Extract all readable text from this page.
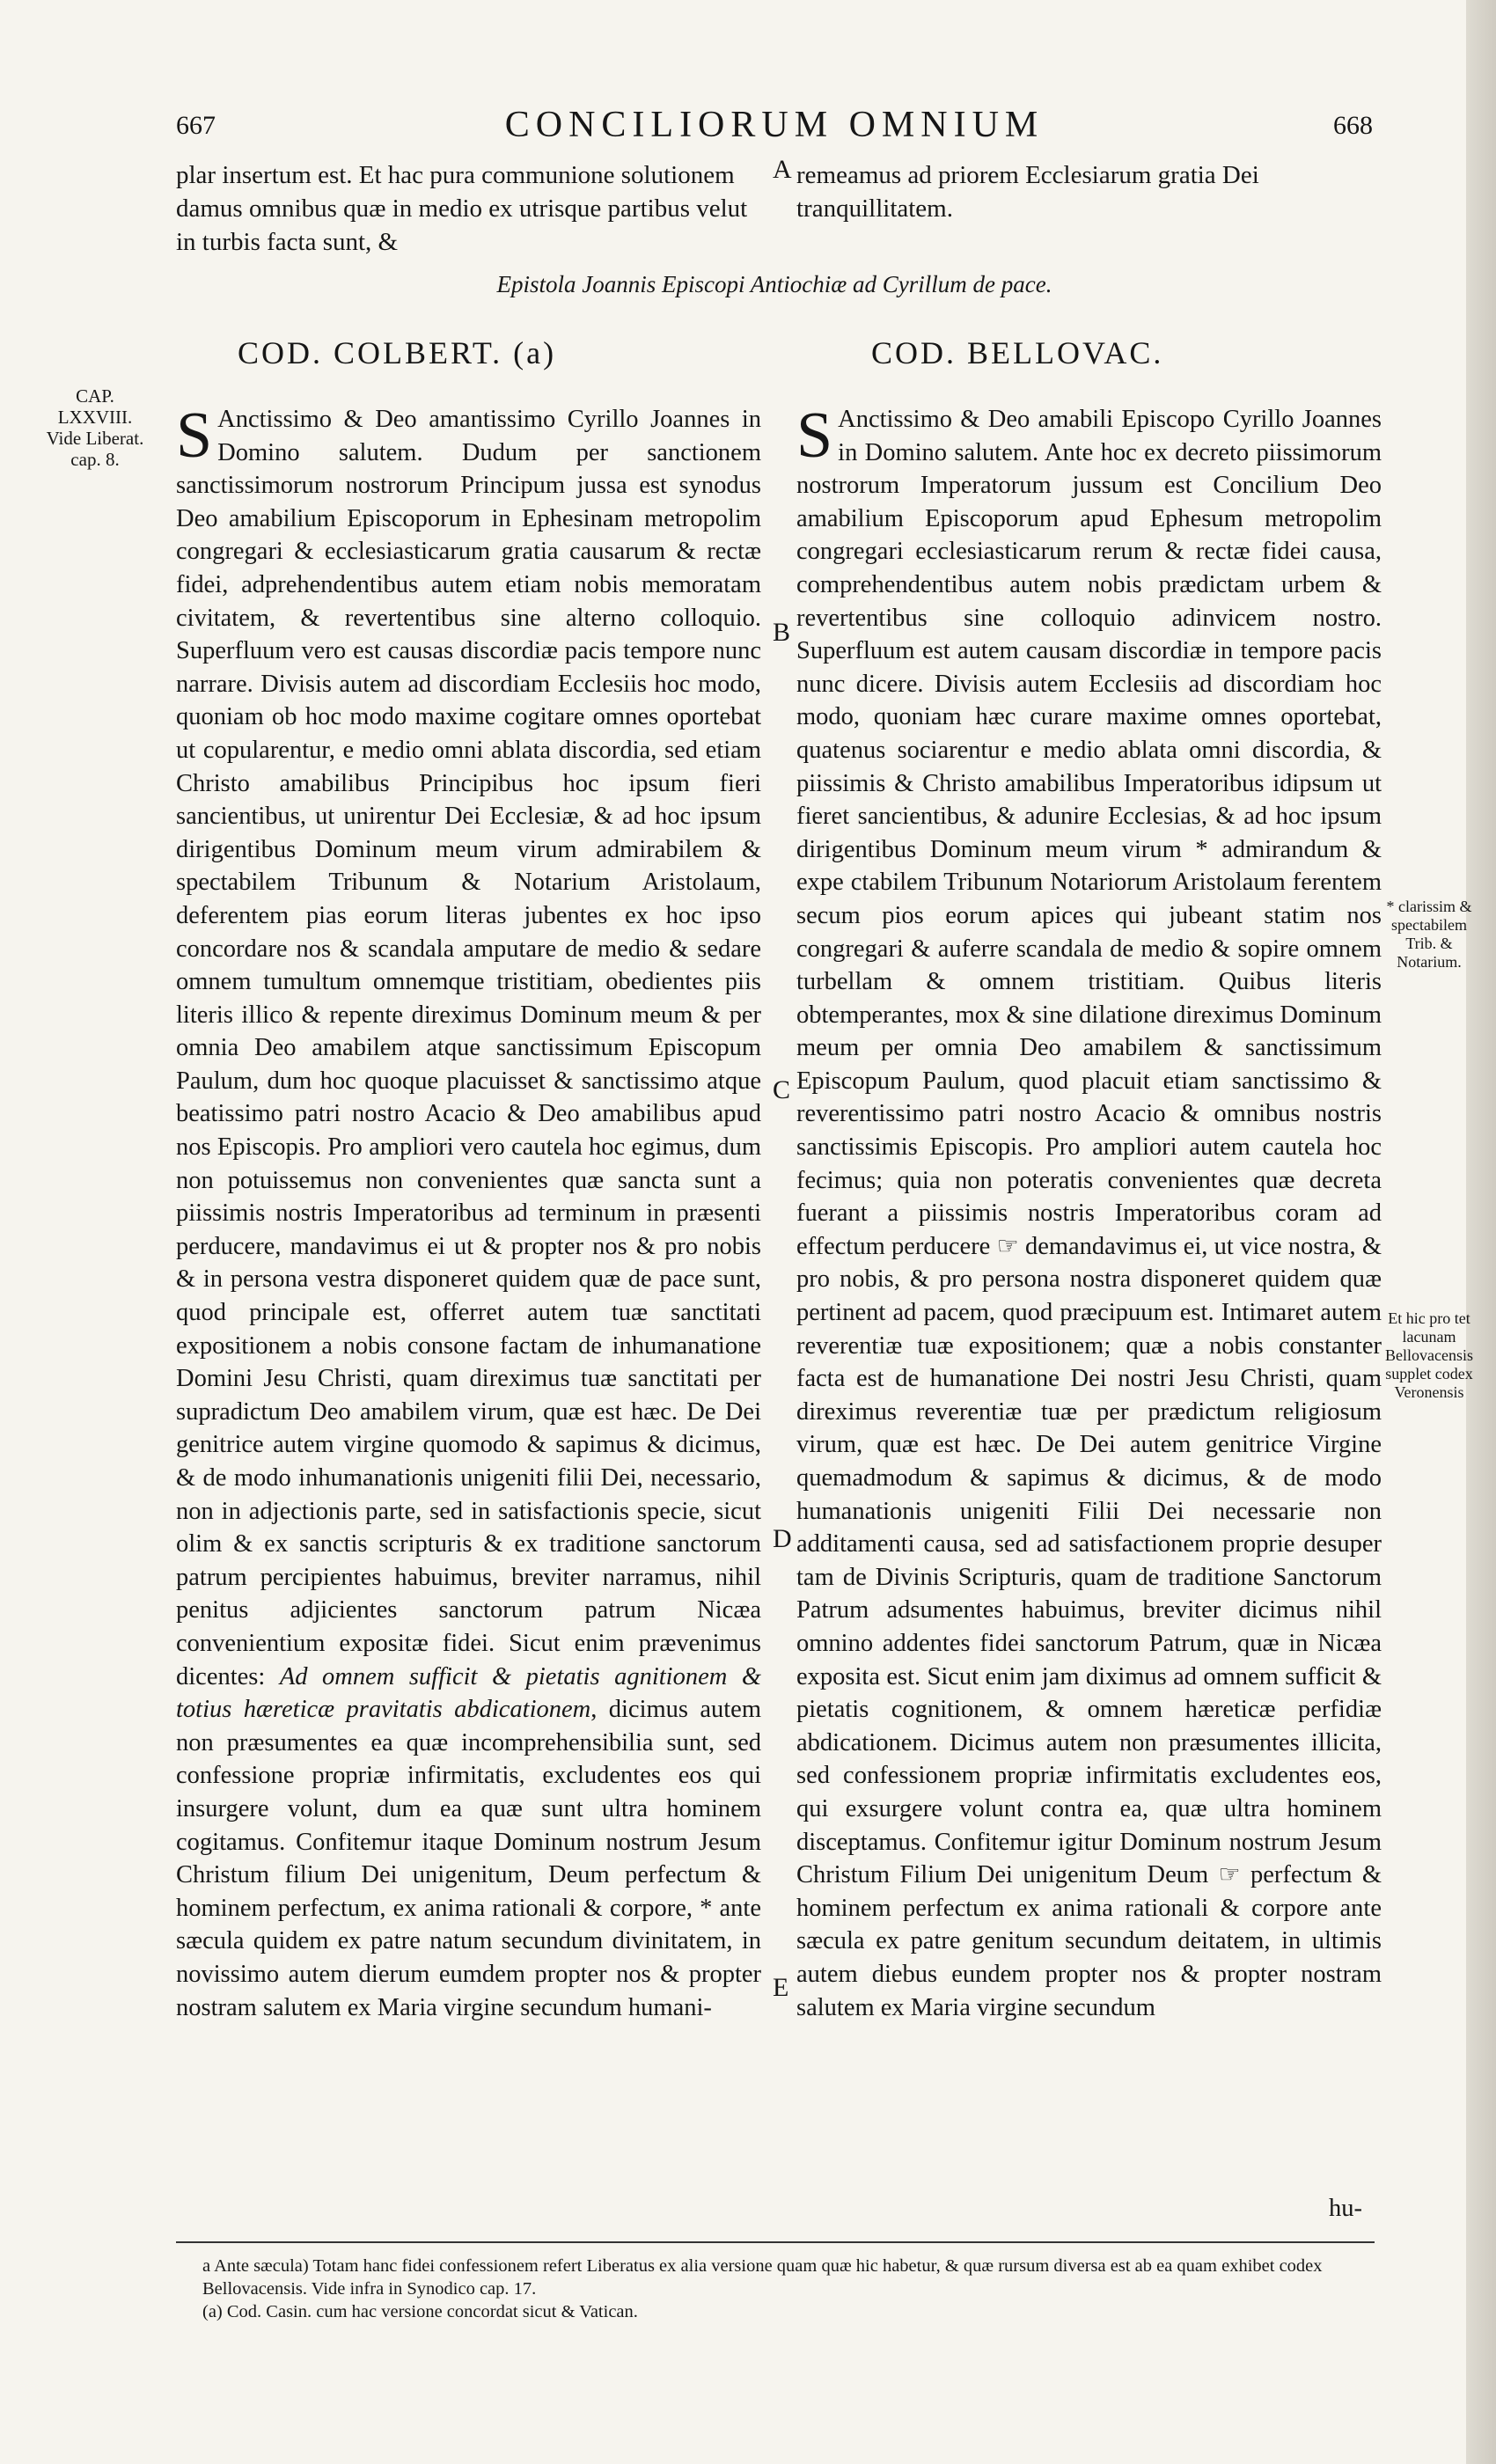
667	CONCILIORUM OMNIUM	668
plar insertum est. Et hac pura communione solutionem damus omnibus quæ in medio ex utrisque partibus velut in turbis facta sunt, &
A remeamus ad priorem Ecclesiarum gratia Dei tranquillitatem.
Epistola Joannis Episcopi Antiochiæ ad Cyrillum de pace.
COD. COLBERT. (a)	COD. BELLOVAC.
CAP. LXXVIII. Vide Liberat. cap. 8. S Anctissimo & Deo amantissimo Cyrillo Joannes in Domino salutem. Dudum per sanctionem sanctissimorum nostrorum Principum jussa est synodus Deo amabilium Episcoporum in Ephesinam metropolim congregari & ecclesiasticarum gratia causarum & rectæ fidei, adprehendentibus autem etiam nobis memoratam civitatem, & revertentibus sine alterno colloquio. Superfluum vero est causas discordiæ pacis tempore nunc narrare. Divisis autem ad discordiam Ecclesiis hoc modo, quoniam ob hoc modo maxime cogitare omnes oportebat ut copularentur, e medio omni ablata discordia, sed etiam Christo amabilibus Principibus hoc ipsum fieri sancientibus, ut unirentur Dei Ecclesiæ, & ad hoc ipsum dirigentibus Dominum meum virum admirabilem & spectabilem Tribunum & Notarium Aristolaum, deferentem pias eorum literas jubentes ex hoc ipso concordare nos & scandala amputare de medio & sedare omnem tumultum omnemque tristitiam, obedientes piis literis illico & repente direximus Dominum meum & per omnia Deo amabilem atque sanctissimum Episcopum Paulum, dum hoc quoque placuisset & sanctissimo atque beatissimo patri nostro Acacio & Deo amabilibus apud nos Episcopis. Pro ampliori vero cautela hoc egimus, dum non potuissemus non convenientes quæ sancta sunt a piissimis nostris Imperatoribus ad terminum in præsenti perducere, mandavimus ei ut & propter nos & pro nobis & in persona vestra disponeret quidem quæ de pace sunt, quod principale est, offerret autem tuæ sanctitati expositionem a nobis consone factam de inhumanatione Domini Jesu Christi, quam direximus tuæ sanctitati per supradictum Deo amabilem virum, quæ est hæc. De Dei genitrice autem virgine quomodo & sapimus & dicimus, & de modo inhumanationis unigeniti filii Dei, necessario, non in adjectionis parte, sed in satisfactionis specie, sicut olim & ex sanctis scripturis & ex traditione sanctorum patrum percipientes habuimus, breviter narramus, nihil penitus adjicientes sanctorum patrum Nicæa convenientium expositæ fidei. Sicut enim prævenimus dicentes: Ad omnem sufficit & pietatis agnitionem & totius hæreticæ pravitatis abdicationem, dicimus autem non præsumentes ea quæ incomprehensibilia sunt, sed confessione propriæ infirmitatis, excludentes eos qui insurgere volunt, dum ea quæ sunt ultra hominem cogitamus. Confitemur itaque Dominum nostrum Jesum Christum filium Dei unigenitum, Deum perfectum & hominem perfectum, ex anima rationali & corpore, * ante sæcula quidem ex patre natum secundum divinitatem, in novissimo autem dierum eumdem propter nos & propter nostram salutem ex Maria virgine secundum humani-
B
C
D
E
S Anctissimo & Deo amabili Episcopo Cyrillo Joannes in Domino salutem. Ante hoc ex decreto piissimorum nostrorum Imperatorum jussum est Concilium Deo amabilium Episcoporum apud Ephesum metropolim congregari ecclesiasticarum rerum & rectæ fidei causa, comprehendentibus autem nobis prædictam urbem & revertentibus sine colloquio adinvicem nostro. Superfluum est autem causam discordiæ in tempore pacis nunc dicere. Divisis autem Ecclesiis ad discordiam hoc modo, quoniam hæc curare maxime omnes oportebat, quatenus sociarentur e medio ablata omni discordia, & piissimis & Christo amabilibus Imperatoribus idipsum ut fieret sancientibus, & adunire Ecclesias, & ad hoc ipsum dirigentibus Dominum meum virum * admirandum & expe ctabilem Tribunum Notariorum Aristolaum ferentem secum pios eorum apices qui jubeant statim nos congregari & auferre scandala de medio & sopire omnem turbellam & omnem tristitiam. Quibus literis obtemperantes, mox & sine dilatione direximus Dominum meum per omnia Deo amabilem & sanctissimum Episcopum Paulum, quod placuit etiam sanctissimo & reverentissimo patri nostro Acacio & omnibus nostris sanctissimis Episcopis. Pro ampliori autem cautela hoc fecimus; quia non poteratis convenientes quæ decreta fuerant a piissimis nostris Imperatoribus coram ad effectum perducere ☞ demandavimus ei, ut vice nostra, & pro nobis, & pro persona nostra disponeret quidem quæ pertinent ad pacem, quod præcipuum est. Intimaret autem reverentiæ tuæ expositionem; quæ a nobis constanter facta est de humanatione Dei nostri Jesu Christi, quam direximus reverentiæ tuæ per prædictum religiosum virum, quæ est hæc. De Dei autem genitrice Virgine quemadmodum & sapimus & dicimus, & de modo humanationis unigeniti Filii Dei necessarie non additamenti causa, sed ad satisfactionem proprie desuper tam de Divinis Scripturis, quam de traditione Sanctorum Patrum adsumentes habuimus, breviter dicimus nihil omnino addentes fidei sanctorum Patrum, quæ in Nicæa exposita est. Sicut enim jam diximus ad omnem sufficit & pietatis cognitionem, & omnem hæreticæ perfidiæ abdicationem. Dicimus autem non præsumentes illicita, sed confessionem propriæ infirmitatis excludentes eos, qui exsurgere volunt contra ea, quæ ultra hominem disceptamus. Confitemur igitur Dominum nostrum Jesum Christum Filium Dei unigenitum Deum ☞ perfectum & hominem perfectum ex anima rationali & corpore ante sæcula ex patre genitum secundum deitatem, in ultimis autem diebus eundem propter nos & propter nostram salutem ex Maria virgine secundum
hu-
* clarissim & spectabilem Trib. & Notarium.
Et hic pro tet lacunam Bellovacensis supplet codex Veronensis

a Ante sæcula) Totam hanc fidei confessionem refert Liberatus ex alia versione quam quæ hic habetur, & quæ rursum diversa est ab ea quam exhibet codex Bellovacensis. Vide infra in Synodico cap. 17.

(a) Cod. Casin. cum hac versione concordat sicut & Vatican.
